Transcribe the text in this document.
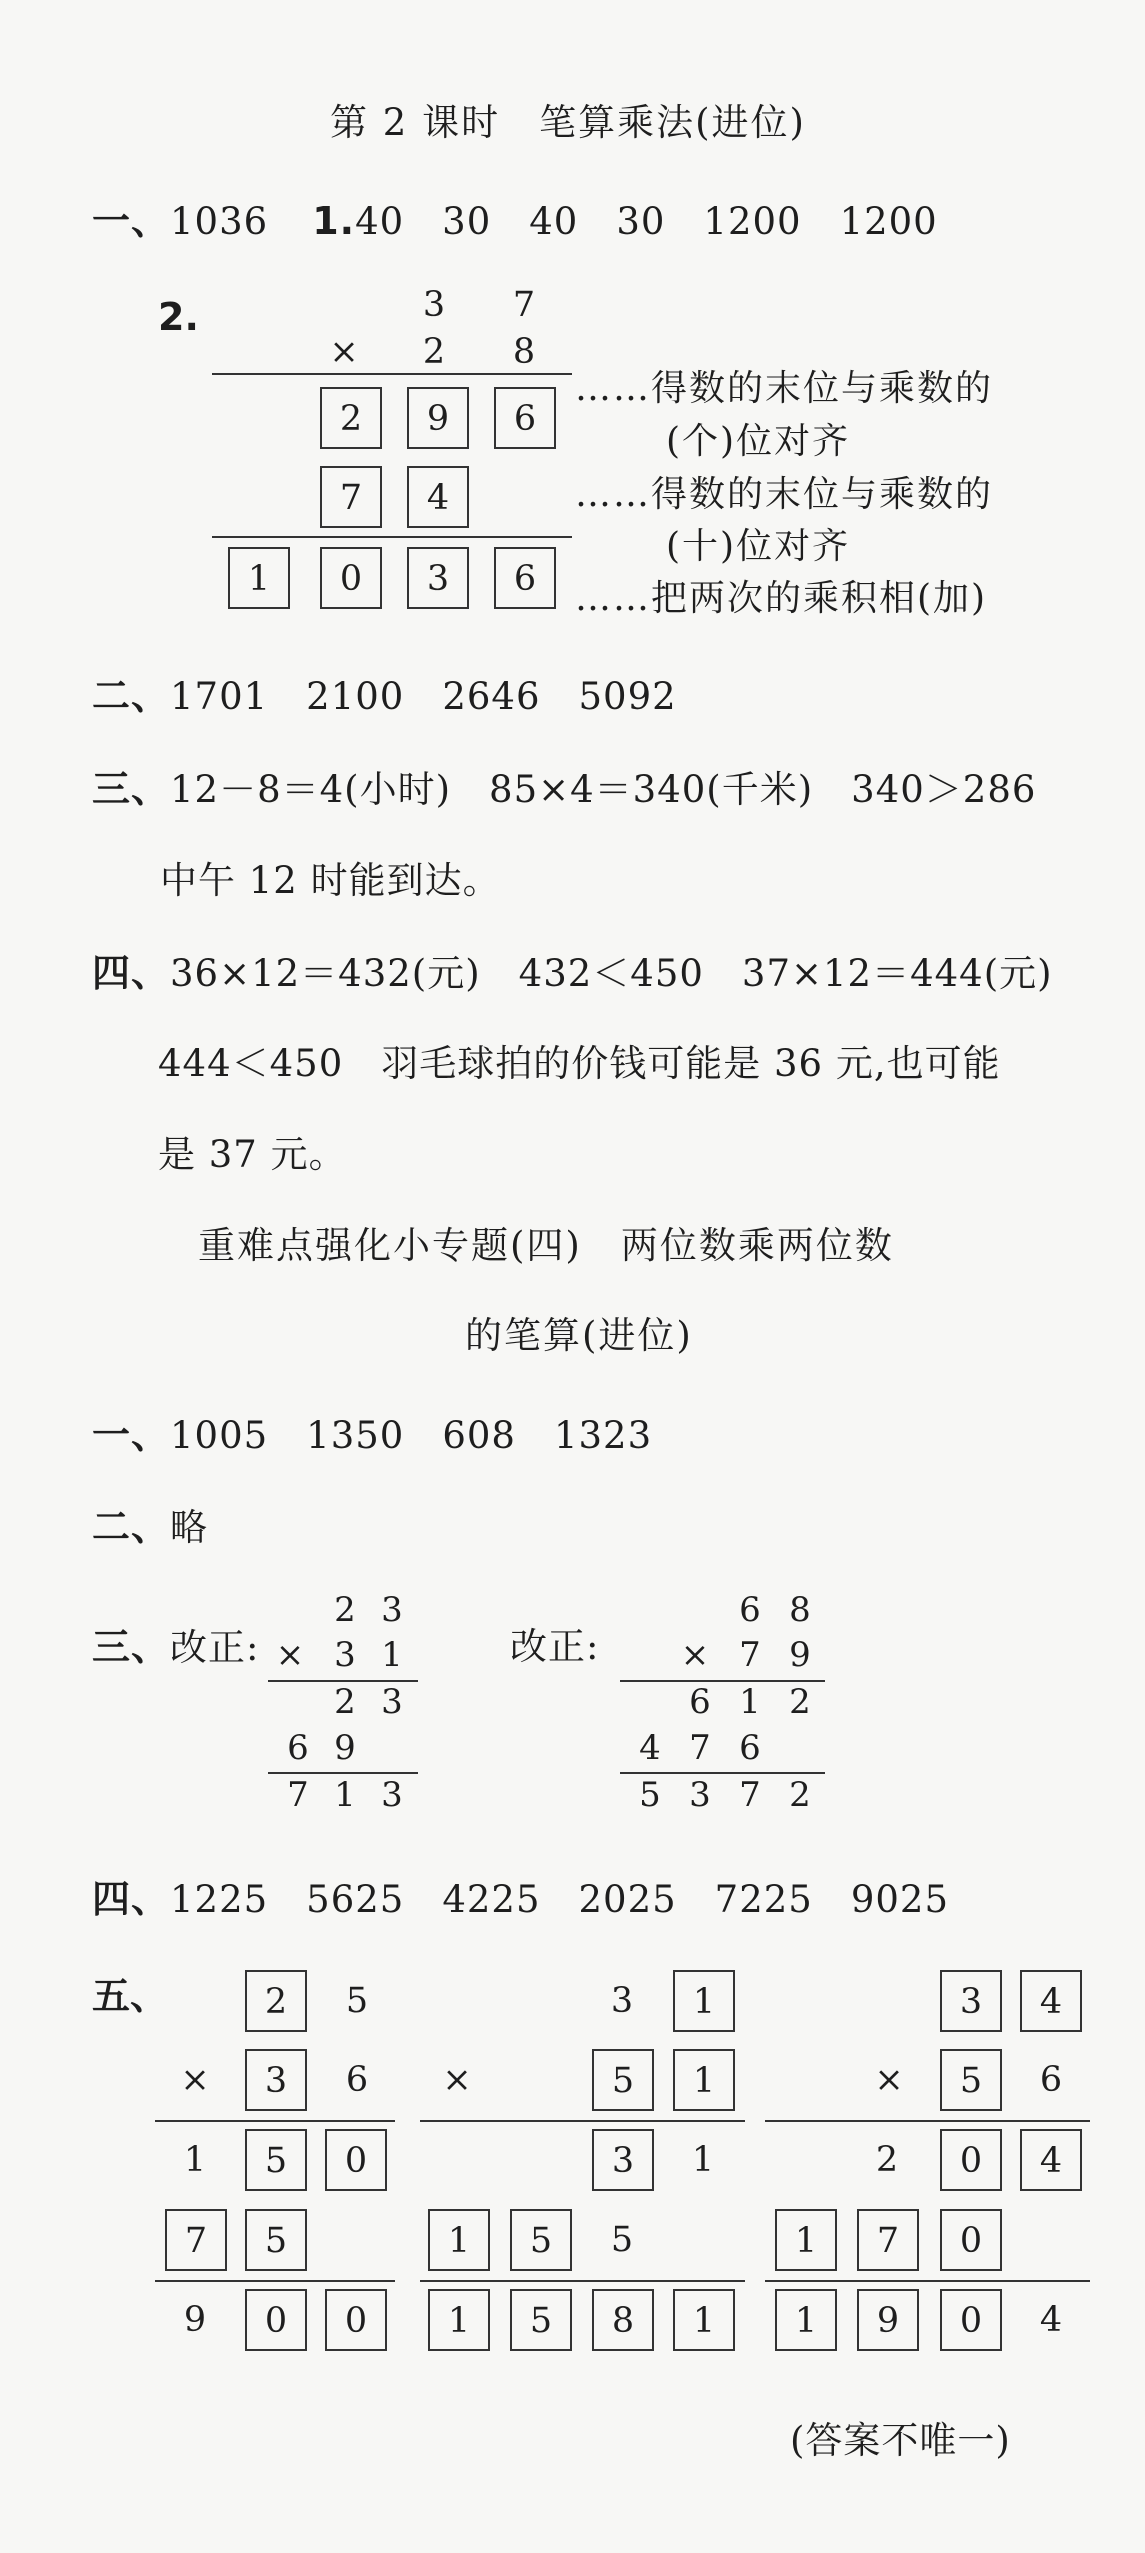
第 2 课时　笔算乘法(进位)
一、1036 1.40　30　40　30　1200　1200
2.	3	7
×	2	8
2	9	6
7	4
1	0	3	6
……得数的末位与乘数的
(个)位对齐
……得数的末位与乘数的
(十)位对齐
……把两次的乘积相(加)
二、1701　2100　2646　5092
三、12－8＝4(小时)　85×4＝340(千米)　340＞286
中午 12 时能到达。
四、36×12＝432(元)　432＜450　37×12＝444(元)
444＜450　羽毛球拍的价钱可能是 36 元,也可能
是 37 元。
重难点强化小专题(四)　两位数乘两位数
的笔算(进位)
一、1005　1350　608　1323
二、略
三、改正:	改正:
2 3
× 3 1
2 3
6 9
7 1 3
6 8
× 7 9
6 1 2
4 7 6
5 3 7 2
四、1225　5625　4225　2025　7225　9025
五、	2	5
×	3	6
1	5	0
7	5
9	0	0
3	1
×	5	1
3	1
1	5	5
1	5	8	1
3	4
×	5	6
2	0	4
1	7	0
1	9	0	4
(答案不唯一)
